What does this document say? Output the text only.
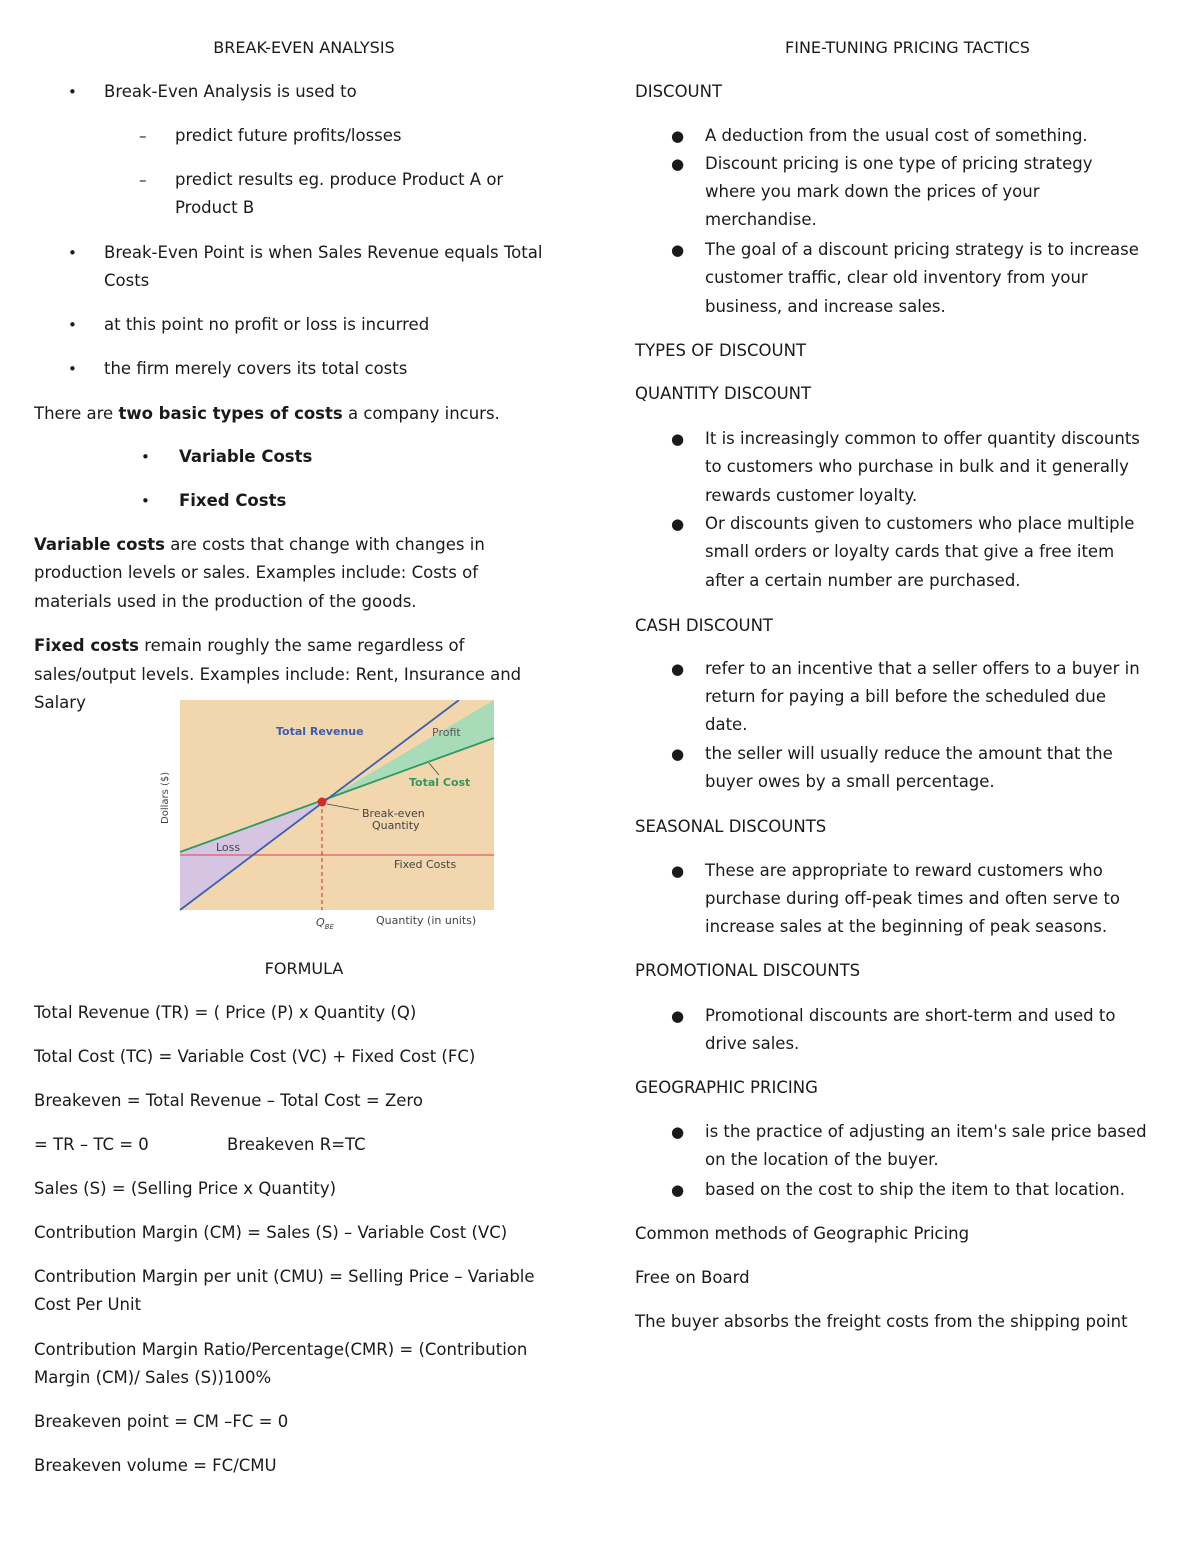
BREAK-EVEN ANALYSIS
• Break-Even Analysis is used to
– predict future profits/losses
– predict results eg. produce Product A or
Product B
• Break-Even Point is when Sales Revenue equals Total
Costs
• at this point no profit or loss is incurred
• the firm merely covers its total costs
There are two basic types of costs a company incurs.
• Variable Costs
• Fixed Costs
Variable costs are costs that change with changes in
production levels or sales. Examples include: Costs of
materials used in the production of the goods.
Fixed costs remain roughly the same regardless of
sales/output levels. Examples include: Rent, Insurance and
Salary
Total Revenue	Profit
Total Cost
Break-even
Quantity
Loss
Fixed Costs
Dollars ($)
$Q_{BE}$	Quantity (in units)
FORMULA
Total Revenue (TR) = ( Price (P) x Quantity (Q)
Total Cost (TC) = Variable Cost (VC) + Fixed Cost (FC)
Breakeven = Total Revenue – Total Cost = Zero
= TR – TC = 0	Breakeven R=TC
Sales (S) = (Selling Price x Quantity)
Contribution Margin (CM) = Sales (S) – Variable Cost (VC)
Contribution Margin per unit (CMU) = Selling Price – Variable
Cost Per Unit
Contribution Margin Ratio/Percentage(CMR) = (Contribution
Margin (CM)/ Sales (S))100%
Breakeven point = CM –FC = 0
Breakeven volume = FC/CMU
FINE-TUNING PRICING TACTICS
DISCOUNT
● A deduction from the usual cost of something.
● Discount pricing is one type of pricing strategy
where you mark down the prices of your
merchandise.
● The goal of a discount pricing strategy is to increase
customer traffic, clear old inventory from your
business, and increase sales.
TYPES OF DISCOUNT
QUANTITY DISCOUNT
● It is increasingly common to offer quantity discounts
to customers who purchase in bulk and it generally
rewards customer loyalty.
● Or discounts given to customers who place multiple
small orders or loyalty cards that give a free item
after a certain number are purchased.
CASH DISCOUNT
● refer to an incentive that a seller offers to a buyer in
return for paying a bill before the scheduled due
date.
● the seller will usually reduce the amount that the
buyer owes by a small percentage.
SEASONAL DISCOUNTS
● These are appropriate to reward customers who
purchase during off-peak times and often serve to
increase sales at the beginning of peak seasons.
PROMOTIONAL DISCOUNTS
● Promotional discounts are short-term and used to
drive sales.
GEOGRAPHIC PRICING
● is the practice of adjusting an item's sale price based
on the location of the buyer.
● based on the cost to ship the item to that location.
Common methods of Geographic Pricing
Free on Board
The buyer absorbs the freight costs from the shipping point
